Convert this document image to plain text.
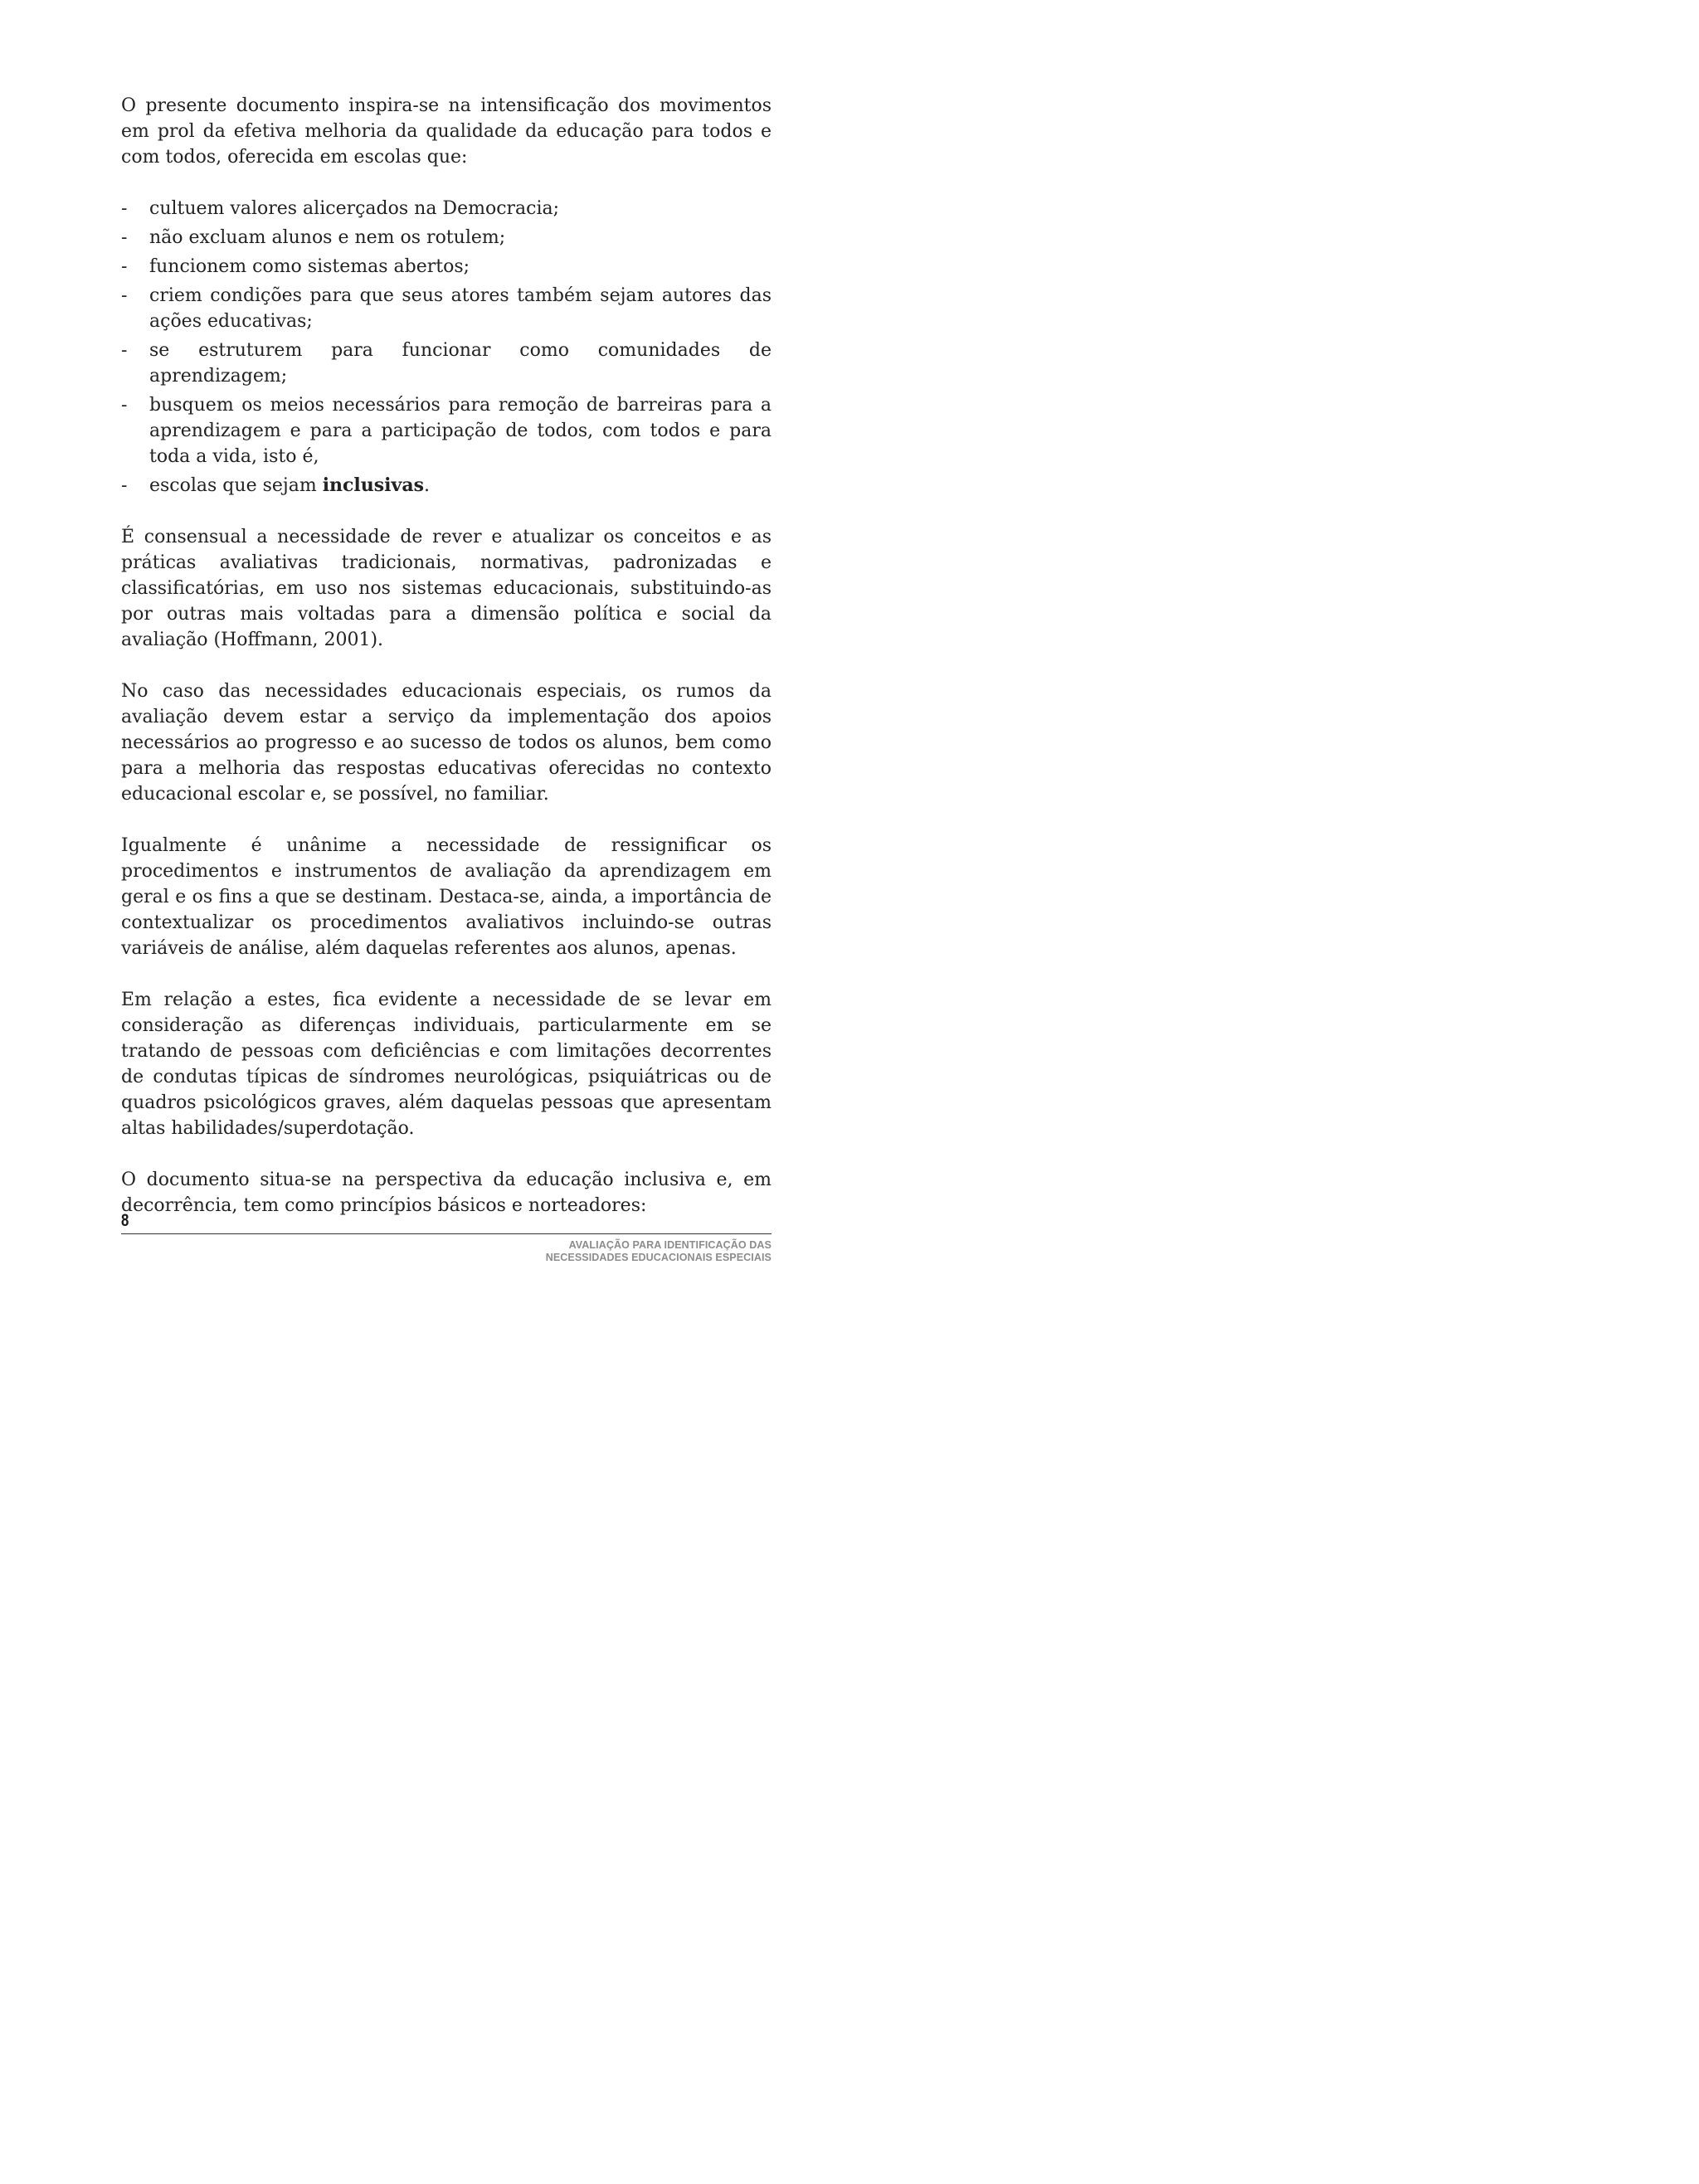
O presente documento inspira-se na intensificação dos movimentos em prol da efetiva melhoria da qualidade da educação para todos e com todos, oferecida em escolas que:

- cultuem valores alicerçados na Democracia;
- não excluam alunos e nem os rotulem;
- funcionem como sistemas abertos;
- criem condições para que seus atores também sejam autores das ações educativas;
- se estruturem para funcionar como comunidades de aprendizagem;
- busquem os meios necessários para remoção de barreiras para a aprendizagem e para a participação de todos, com todos e para toda a vida, isto é,
- escolas que sejam inclusivas.

É consensual a necessidade de rever e atualizar os conceitos e as práticas avaliativas tradicionais, normativas, padronizadas e classificatórias, em uso nos sistemas educacionais, substituindo-as por outras mais voltadas para a dimensão política e social da avaliação (Hoffmann, 2001).

No caso das necessidades educacionais especiais, os rumos da avaliação devem estar a serviço da implementação dos apoios necessários ao progresso e ao sucesso de todos os alunos, bem como para a melhoria das respostas educativas oferecidas no contexto educacional escolar e, se possível, no familiar.

Igualmente é unânime a necessidade de ressignificar os procedimentos e instrumentos de avaliação da aprendizagem em geral e os fins a que se destinam. Destaca-se, ainda, a importância de contextualizar os procedimentos avaliativos incluindo-se outras variáveis de análise, além daquelas referentes aos alunos, apenas.

Em relação a estes, fica evidente a necessidade de se levar em consideração as diferenças individuais, particularmente em se tratando de pessoas com deficiências e com limitações decorrentes de condutas típicas de síndromes neurológicas, psiquiátricas ou de quadros psicológicos graves, além daquelas pessoas que apresentam altas habilidades/superdotação.

O documento situa-se na perspectiva da educação inclusiva e, em decorrência, tem como princípios básicos e norteadores:

8
AVALIAÇÃO PARA IDENTIFICAÇÃO DAS
NECESSIDADES EDUCACIONAIS ESPECIAIS
